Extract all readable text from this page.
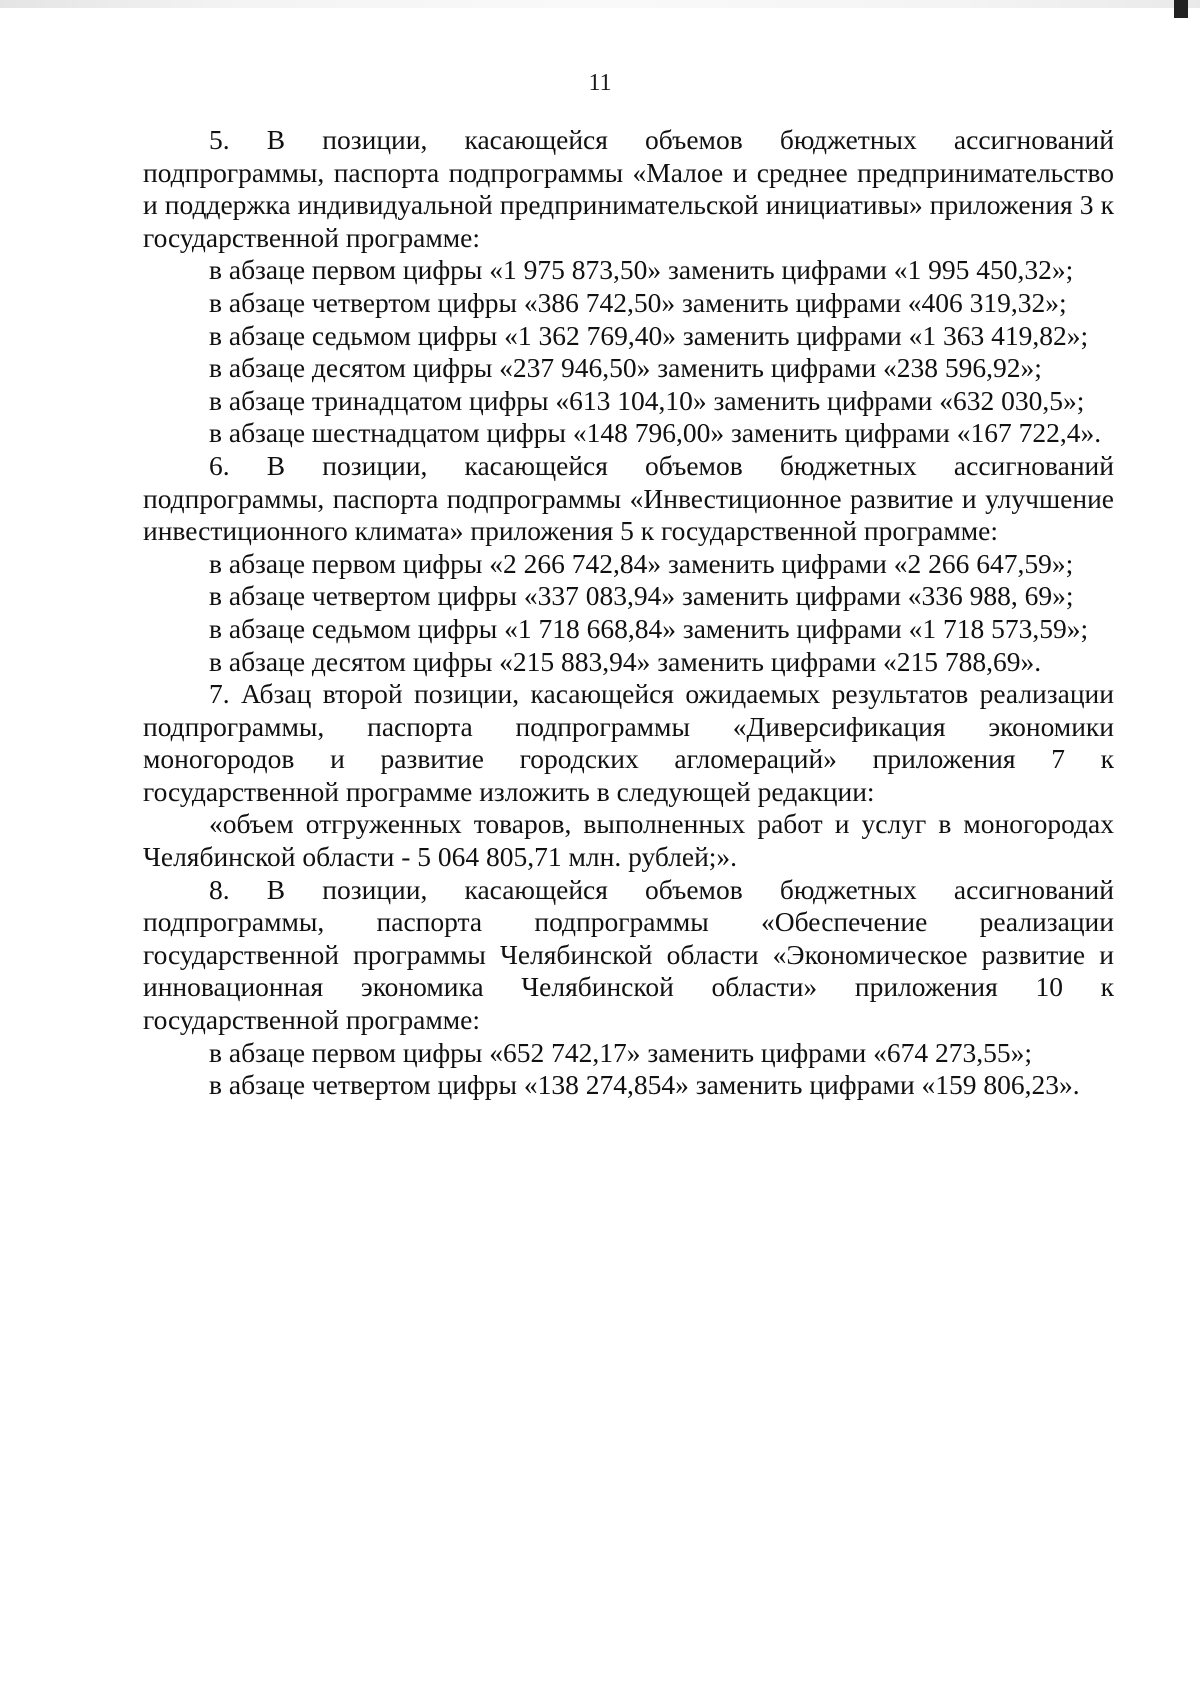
11

5. В позиции, касающейся объемов бюджетных ассигнований подпрограммы, паспорта подпрограммы «Малое и среднее предпринимательство и поддержка индивидуальной предпринимательской инициативы» приложения 3 к государственной программе:

в абзаце первом цифры «1 975 873,50» заменить цифрами «1 995 450,32»;

в абзаце четвертом цифры «386 742,50» заменить цифрами «406 319,32»;

в абзаце седьмом цифры «1 362 769,40» заменить цифрами «1 363 419,82»;

в абзаце десятом цифры «237 946,50» заменить цифрами «238 596,92»;

в абзаце тринадцатом цифры «613 104,10» заменить цифрами «632 030,5»;

в абзаце шестнадцатом цифры «148 796,00» заменить цифрами «167 722,4».

6. В позиции, касающейся объемов бюджетных ассигнований подпрограммы, паспорта подпрограммы «Инвестиционное развитие и улучшение инвестиционного климата» приложения 5 к государственной программе:

в абзаце первом цифры «2 266 742,84» заменить цифрами «2 266 647,59»;

в абзаце четвертом цифры «337 083,94» заменить цифрами «336 988, 69»;

в абзаце седьмом цифры «1 718 668,84» заменить цифрами «1 718 573,59»;

в абзаце десятом цифры «215 883,94» заменить цифрами «215 788,69».

7. Абзац второй позиции, касающейся ожидаемых результатов реализации подпрограммы, паспорта подпрограммы «Диверсификация экономики моногородов и развитие городских агломераций» приложения 7 к государственной программе изложить в следующей редакции:

«объем отгруженных товаров, выполненных работ и услуг в моногородах Челябинской области - 5 064 805,71 млн. рублей;».

8. В позиции, касающейся объемов бюджетных ассигнований подпрограммы, паспорта подпрограммы «Обеспечение реализации государственной программы Челябинской области «Экономическое развитие и инновационная экономика Челябинской области» приложения 10 к государственной программе:

в абзаце первом цифры «652 742,17» заменить цифрами «674 273,55»;

в абзаце четвертом цифры «138 274,854» заменить цифрами «159 806,23».
